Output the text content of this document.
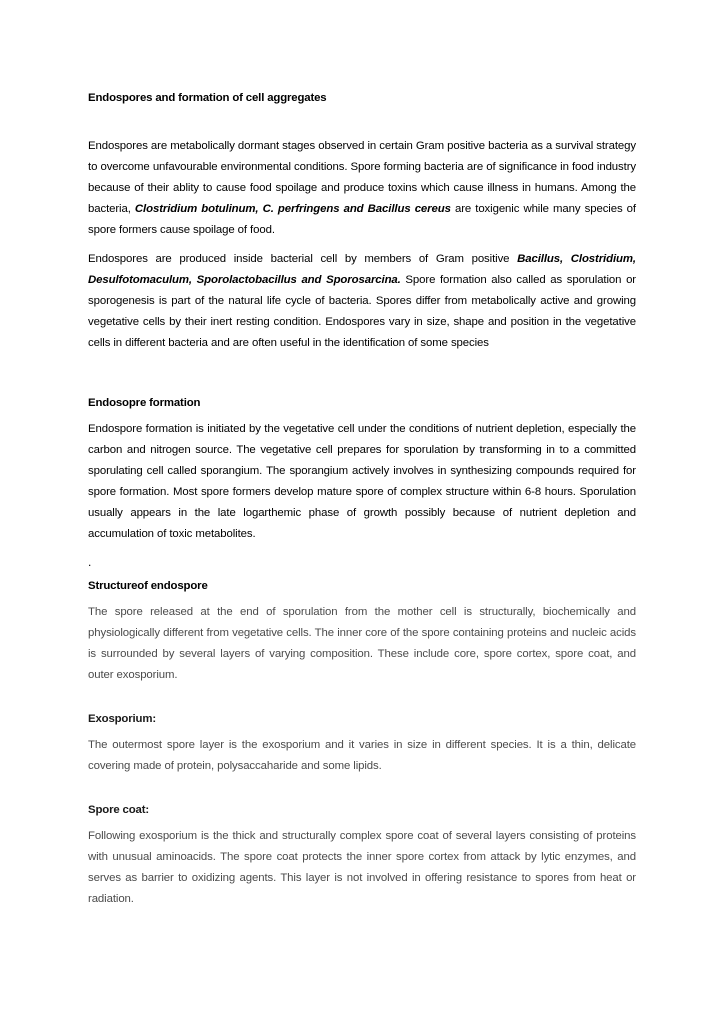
Endospores and formation of cell aggregates

Endospores are metabolically dormant stages observed in certain Gram positive bacteria as a survival strategy to overcome unfavourable environmental conditions. Spore forming bacteria are of significance in food industry because of their ablity to cause food spoilage and produce toxins which cause illness in humans. Among the bacteria, Clostridium botulinum, C. perfringens and Bacillus cereus are toxigenic while many species of spore formers cause spoilage of food.

Endospores are produced inside bacterial cell by members of Gram positive Bacillus, Clostridium, Desulfotomaculum, Sporolactobacillus and Sporosarcina. Spore formation also called as sporulation or sporogenesis is part of the natural life cycle of bacteria. Spores differ from metabolically active and growing vegetative cells by their inert resting condition. Endospores vary in size, shape and position in the vegetative cells in different bacteria and are often useful in the identification of some species

Endosopre formation

Endospore formation is initiated by the vegetative cell under the conditions of nutrient depletion, especially the carbon and nitrogen source. The vegetative cell prepares for sporulation by transforming in to a committed sporulating cell called sporangium. The sporangium actively involves in synthesizing compounds required for spore formation. Most spore formers develop mature spore of complex structure within 6-8 hours. Sporulation usually appears in the late logarthemic phase of growth possibly because of nutrient depletion and accumulation of toxic metabolites.

.
Structureof endospore

The spore released at the end of sporulation from the mother cell is structurally, biochemically and physiologically different from vegetative cells. The inner core of the spore containing proteins and nucleic acids is surrounded by several layers of varying composition. These include core, spore cortex, spore coat, and outer exosporium.

Exosporium:

The outermost spore layer is the exosporium and it varies in size in different species. It is a thin, delicate covering made of protein, polysaccaharide and some lipids.

Spore coat:

Following exosporium is the thick and structurally complex spore coat of several layers consisting of proteins with unusual aminoacids. The spore coat protects the inner spore cortex from attack by lytic enzymes, and serves as barrier to oxidizing agents. This layer is not involved in offering resistance to spores from heat or radiation.
